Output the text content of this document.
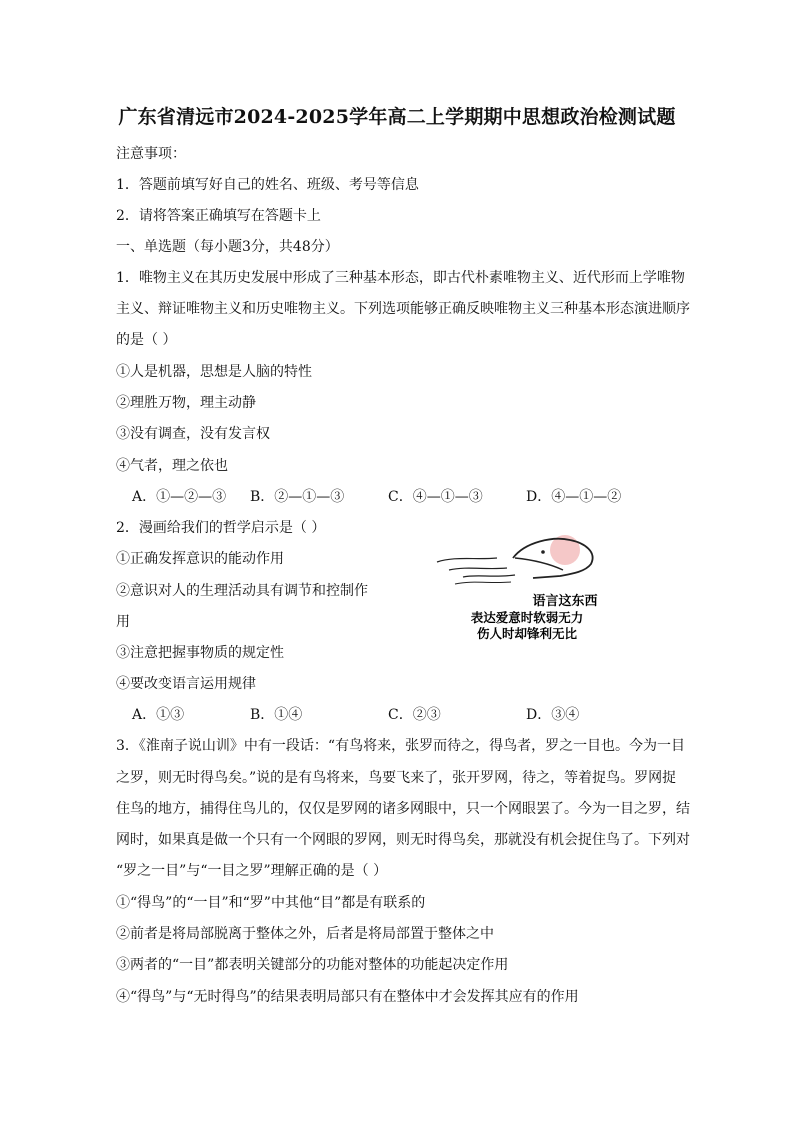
广东省清远市2024-2025学年高二上学期期中思想政治检测试题
注意事项：
1．答题前填写好自己的姓名、班级、考号等信息
2．请将答案正确填写在答题卡上
一、单选题（每小题3分，共48分）
1．唯物主义在其历史发展中形成了三种基本形态，即古代朴素唯物主义、近代形而上学唯物
主义、辩证唯物主义和历史唯物主义。下列选项能够正确反映唯物主义三种基本形态演进顺序
的是（ ）
①人是机器，思想是人脑的特性
②理胜万物，理主动静
③没有调查，没有发言权
④气者，理之依也
A．①—②—③ B．②—①—③	C．④—①—③	D．④—①—②
2．漫画给我们的哲学启示是（ ）
①正确发挥意识的能动作用
②意识对人的生理活动具有调节和控制作
用
③注意把握事物质的规定性
④要改变语言运用规律
语言这东西
表达爱意时软弱无力
伤人时却锋利无比
A．①③	B．①④	C．②③	D．③④
3．《淮南子说山训》中有一段话：“有鸟将来，张罗而待之，得鸟者，罗之一目也。今为一目
之罗，则无时得鸟矣。”说的是有鸟将来，鸟要飞来了，张开罗网，待之，等着捉鸟。罗网捉
住鸟的地方，捕得住鸟儿的，仅仅是罗网的诸多网眼中，只一个网眼罢了。今为一目之罗，结
网时，如果真是做一个只有一个网眼的罗网，则无时得鸟矣，那就没有机会捉住鸟了。下列对
“罗之一目”与“一目之罗”理解正确的是（ ）
①“得鸟”的“一目”和“罗”中其他“目”都是有联系的
②前者是将局部脱离于整体之外，后者是将局部置于整体之中
③两者的“一目”都表明关键部分的功能对整体的功能起决定作用
④“得鸟”与“无时得鸟”的结果表明局部只有在整体中才会发挥其应有的作用
